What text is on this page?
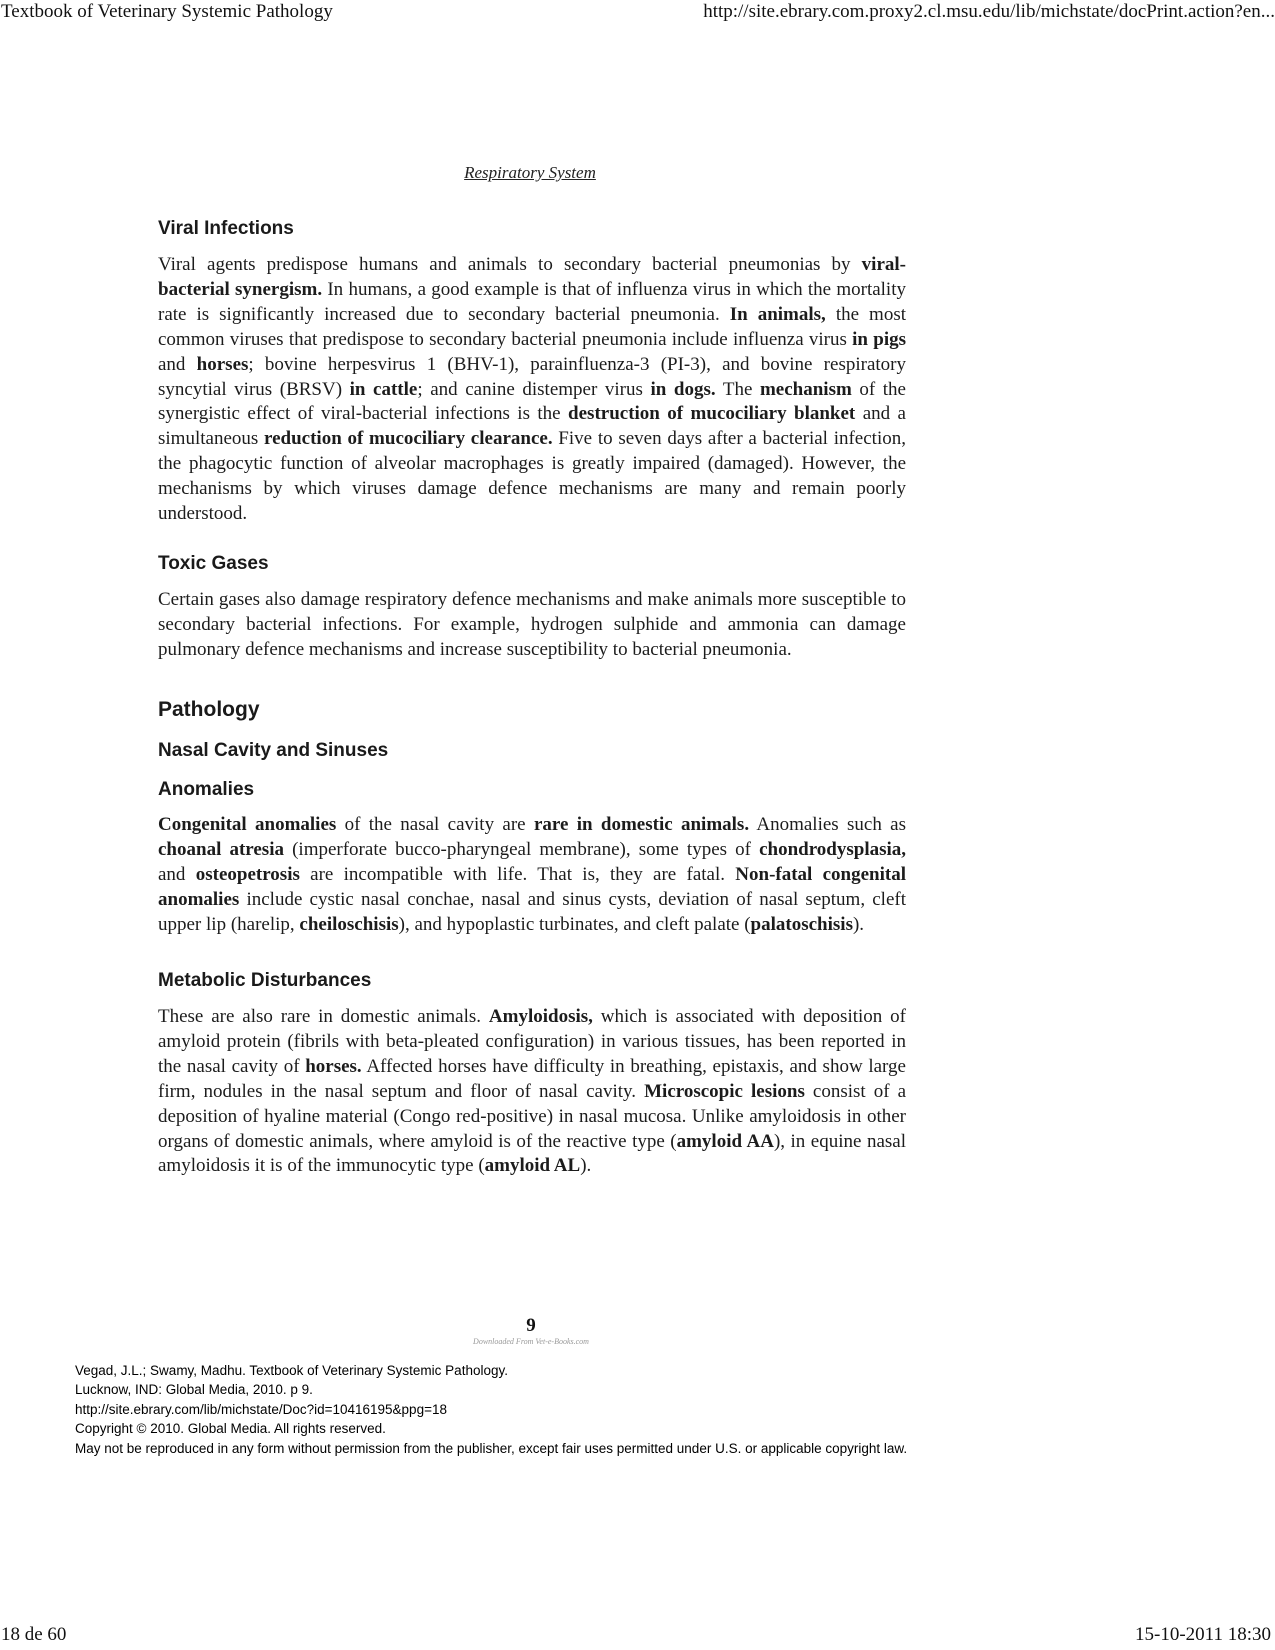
Textbook of Veterinary Systemic Pathology	http://site.ebrary.com.proxy2.cl.msu.edu/lib/michstate/docPrint.action?en...
Respiratory System
Viral Infections
Viral agents predispose humans and animals to secondary bacterial pneumonias by viral-bacterial synergism. In humans, a good example is that of influenza virus in which the mortality rate is significantly increased due to secondary bacterial pneumonia. In animals, the most common viruses that predispose to secondary bacterial pneumonia include influenza virus in pigs and horses; bovine herpesvirus 1 (BHV-1), parainfluenza-3 (PI-3), and bovine respiratory syncytial virus (BRSV) in cattle; and canine distemper virus in dogs. The mechanism of the synergistic effect of viral-bacterial infections is the destruction of mucociliary blanket and a simultaneous reduction of mucociliary clearance. Five to seven days after a bacterial infection, the phagocytic function of alveolar macrophages is greatly impaired (damaged). However, the mechanisms by which viruses damage defence mechanisms are many and remain poorly understood.
Toxic Gases
Certain gases also damage respiratory defence mechanisms and make animals more susceptible to secondary bacterial infections. For example, hydrogen sulphide and ammonia can damage pulmonary defence mechanisms and increase susceptibility to bacterial pneumonia.
Pathology
Nasal Cavity and Sinuses
Anomalies
Congenital anomalies of the nasal cavity are rare in domestic animals. Anomalies such as choanal atresia (imperforate bucco-pharyngeal membrane), some types of chondrodysplasia, and osteopetrosis are incompatible with life. That is, they are fatal. Non-fatal congenital anomalies include cystic nasal conchae, nasal and sinus cysts, deviation of nasal septum, cleft upper lip (harelip, cheiloschisis), and hypoplastic turbinates, and cleft palate (palatoschisis).
Metabolic Disturbances
These are also rare in domestic animals. Amyloidosis, which is associated with deposition of amyloid protein (fibrils with beta-pleated configuration) in various tissues, has been reported in the nasal cavity of horses. Affected horses have difficulty in breathing, epistaxis, and show large firm, nodules in the nasal septum and floor of nasal cavity. Microscopic lesions consist of a deposition of hyaline material (Congo red-positive) in nasal mucosa. Unlike amyloidosis in other organs of domestic animals, where amyloid is of the reactive type (amyloid AA), in equine nasal amyloidosis it is of the immunocytic type (amyloid AL).
9
Downloaded From Vet-e-Books.com
Vegad, J.L.; Swamy, Madhu. Textbook of Veterinary Systemic Pathology.
Lucknow, IND: Global Media, 2010. p 9.
http://site.ebrary.com/lib/michstate/Doc?id=10416195&ppg=18
Copyright © 2010. Global Media. All rights reserved.
May not be reproduced in any form without permission from the publisher, except fair uses permitted under U.S. or applicable copyright law.
18 de 60	15-10-2011 18:30
